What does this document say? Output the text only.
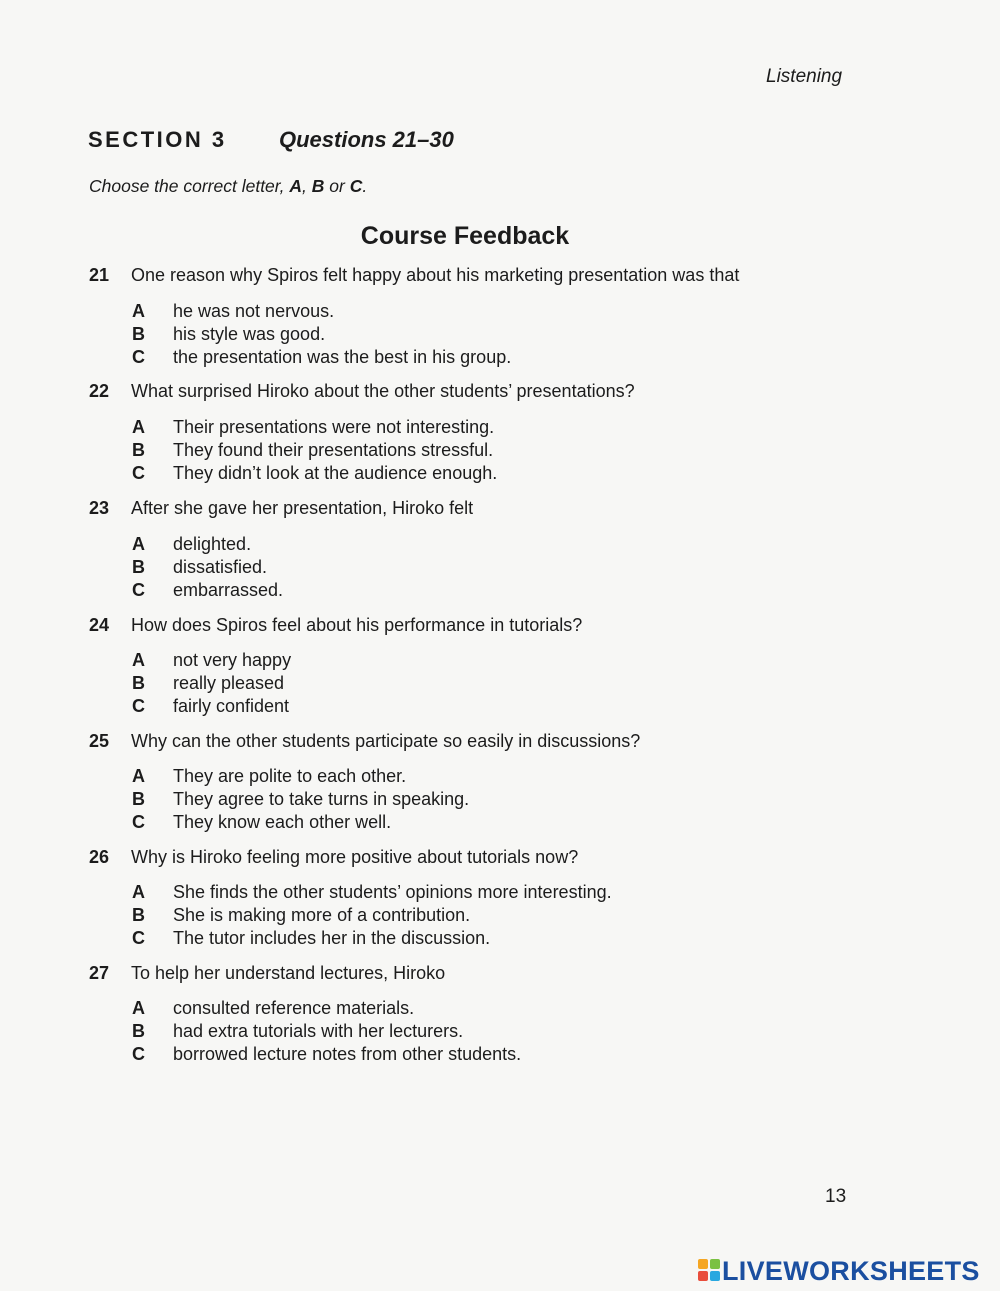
Listening
SECTION 3 Questions 21–30
Choose the correct letter, A, B or C.
Course Feedback
21 One reason why Spiros felt happy about his marketing presentation was that
A he was not nervous.
B his style was good.
C the presentation was the best in his group.
22 What surprised Hiroko about the other students’ presentations?
A Their presentations were not interesting.
B They found their presentations stressful.
C They didn’t look at the audience enough.
23 After she gave her presentation, Hiroko felt
A delighted.
B dissatisfied.
C embarrassed.
24 How does Spiros feel about his performance in tutorials?
A not very happy
B really pleased
C fairly confident
25 Why can the other students participate so easily in discussions?
A They are polite to each other.
B They agree to take turns in speaking.
C They know each other well.
26 Why is Hiroko feeling more positive about tutorials now?
A She finds the other students’ opinions more interesting.
B She is making more of a contribution.
C The tutor includes her in the discussion.
27 To help her understand lectures, Hiroko
A consulted reference materials.
B had extra tutorials with her lecturers.
C borrowed lecture notes from other students.
13
LIVEWORKSHEETS
